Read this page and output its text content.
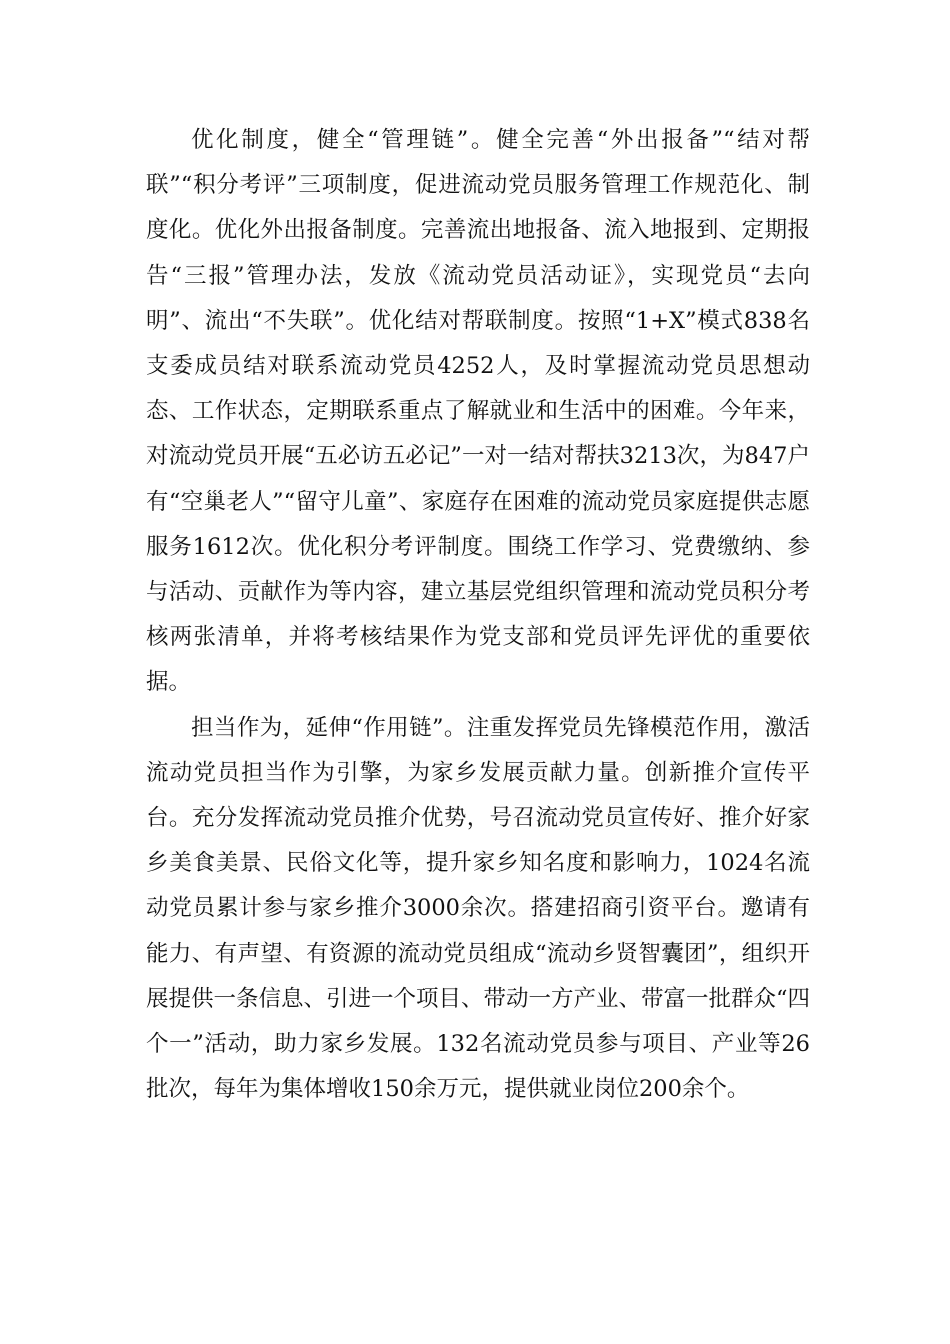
优化制度，健全“管理链”。健全完善“外出报备”“结对帮联”“积分考评”三项制度，促进流动党员服务管理工作规范化、制度化。优化外出报备制度。完善流出地报备、流入地报到、定期报告“三报”管理办法，发放《流动党员活动证》，实现党员“去向明”、流出“不失联”。优化结对帮联制度。按照“1+X”模式838名支委成员结对联系流动党员4252人，及时掌握流动党员思想动态、工作状态，定期联系重点了解就业和生活中的困难。今年来，对流动党员开展“五必访五必记”一对一结对帮扶3213次，为847户有“空巢老人”“留守儿童”、家庭存在困难的流动党员家庭提供志愿服务1612次。优化积分考评制度。围绕工作学习、党费缴纳、参与活动、贡献作为等内容，建立基层党组织管理和流动党员积分考核两张清单，并将考核结果作为党支部和党员评先评优的重要依据。

担当作为，延伸“作用链”。注重发挥党员先锋模范作用，激活流动党员担当作为引擎，为家乡发展贡献力量。创新推介宣传平台。充分发挥流动党员推介优势，号召流动党员宣传好、推介好家乡美食美景、民俗文化等，提升家乡知名度和影响力，1024名流动党员累计参与家乡推介3000余次。搭建招商引资平台。邀请有能力、有声望、有资源的流动党员组成“流动乡贤智囊团”，组织开展提供一条信息、引进一个项目、带动一方产业、带富一批群众“四个一”活动，助力家乡发展。132名流动党员参与项目、产业等26批次，每年为集体增收150余万元，提供就业岗位200余个。
